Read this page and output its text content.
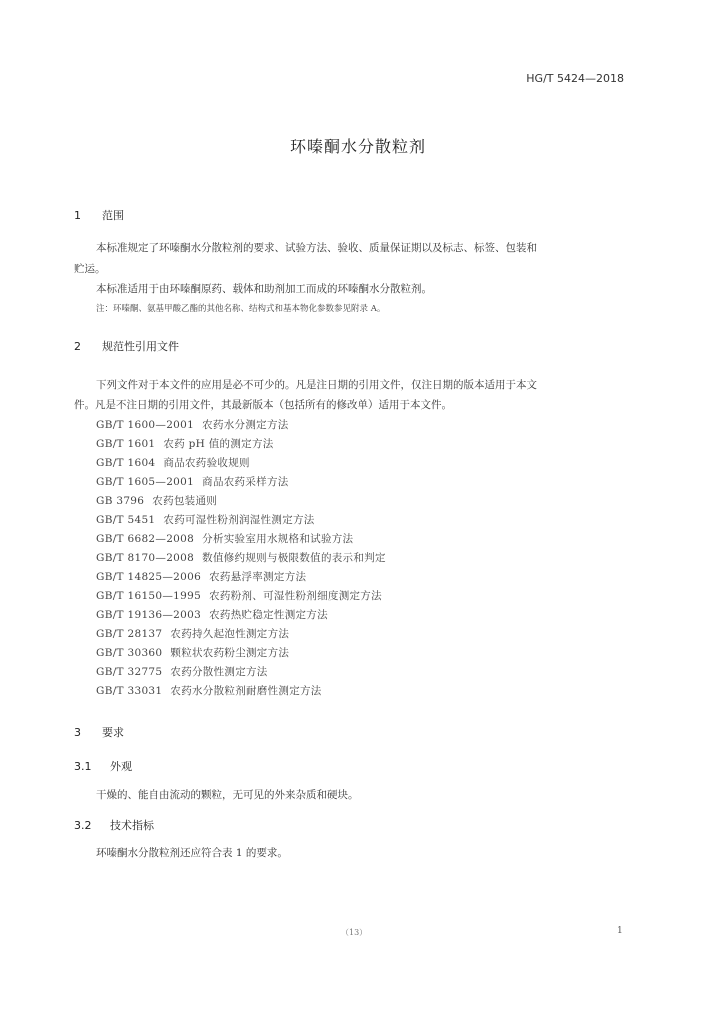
HG/T 5424—2018
环嗪酮水分散粒剂
1 范围
本标准规定了环嗪酮水分散粒剂的要求、试验方法、验收、质量保证期以及标志、标签、包装和
贮运。
本标准适用于由环嗪酮原药、载体和助剂加工而成的环嗪酮水分散粒剂。
注：环嗪酮、氨基甲酸乙酯的其他名称、结构式和基本物化参数参见附录 A。
2 规范性引用文件
下列文件对于本文件的应用是必不可少的。凡是注日期的引用文件，仅注日期的版本适用于本文
件。凡是不注日期的引用文件，其最新版本（包括所有的修改单）适用于本文件。
GB/T 1600—2001 农药水分测定方法
GB/T 1601 农药 pH 值的测定方法
GB/T 1604 商品农药验收规则
GB/T 1605—2001 商品农药采样方法
GB 3796 农药包装通则
GB/T 5451 农药可湿性粉剂润湿性测定方法
GB/T 6682—2008 分析实验室用水规格和试验方法
GB/T 8170—2008 数值修约规则与极限数值的表示和判定
GB/T 14825—2006 农药悬浮率测定方法
GB/T 16150—1995 农药粉剂、可湿性粉剂细度测定方法
GB/T 19136—2003 农药热贮稳定性测定方法
GB/T 28137 农药持久起泡性测定方法
GB/T 30360 颗粒状农药粉尘测定方法
GB/T 32775 农药分散性测定方法
GB/T 33031 农药水分散粒剂耐磨性测定方法
3 要求
3.1 外观
干燥的、能自由流动的颗粒，无可见的外来杂质和硬块。
3.2 技术指标
环嗪酮水分散粒剂还应符合表 1 的要求。
（13）	1
